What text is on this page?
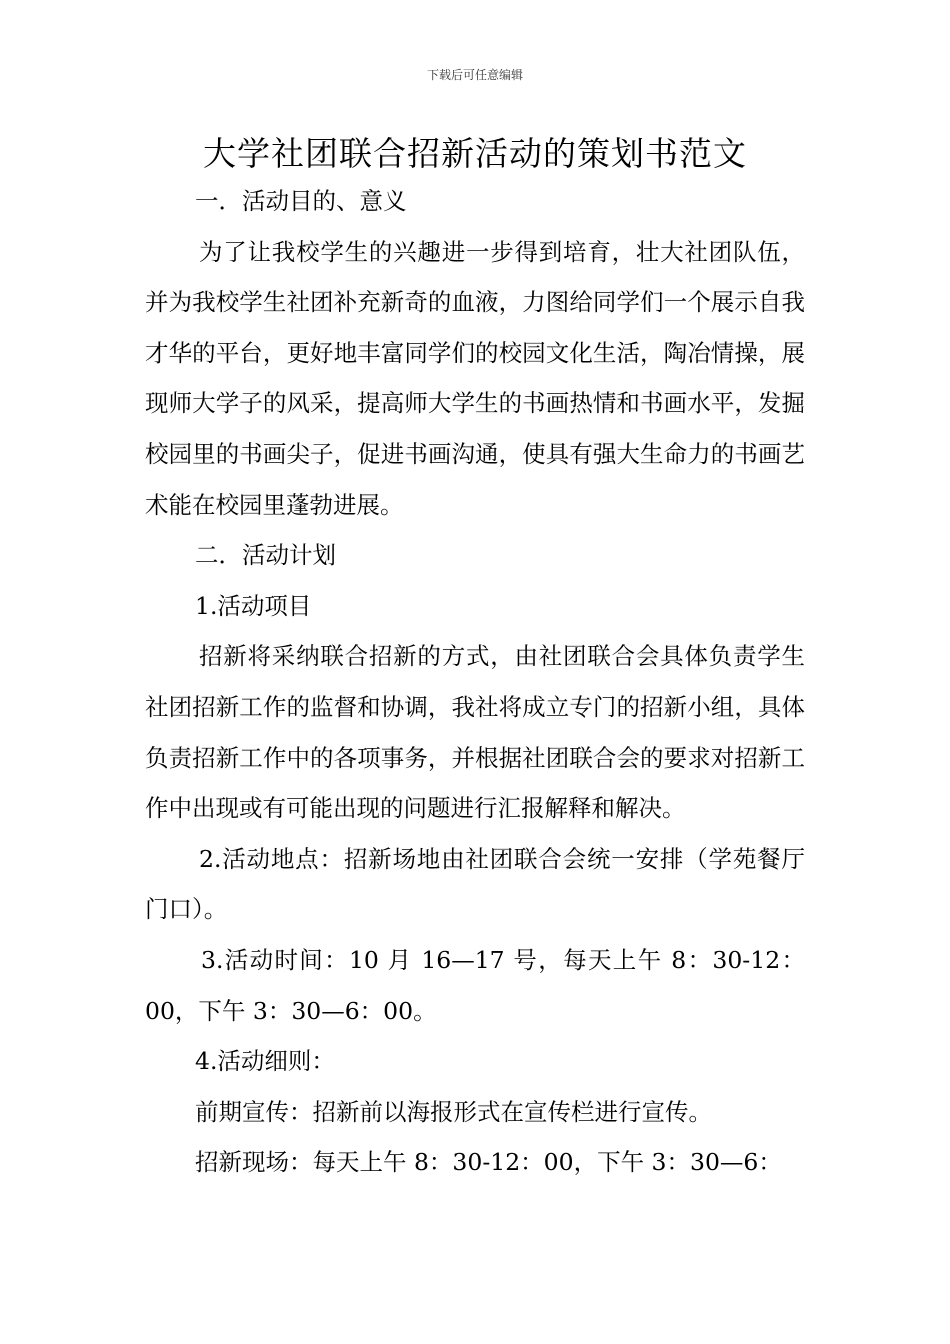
下载后可任意编辑
大学社团联合招新活动的策划书范文

一．活动目的、意义

为了让我校学生的兴趣进一步得到培育，壮大社团队伍，并为我校学生社团补充新奇的血液，力图给同学们一个展示自我才华的平台，更好地丰富同学们的校园文化生活，陶冶情操，展现师大学子的风采，提高师大学生的书画热情和书画水平，发掘校园里的书画尖子，促进书画沟通，使具有强大生命力的书画艺术能在校园里蓬勃进展。

二．活动计划

1.活动项目

招新将采纳联合招新的方式，由社团联合会具体负责学生社团招新工作的监督和协调，我社将成立专门的招新小组，具体负责招新工作中的各项事务，并根据社团联合会的要求对招新工作中出现或有可能出现的问题进行汇报解释和解决。

2.活动地点：招新场地由社团联合会统一安排（学苑餐厅门口）。

3.活动时间：10 月 16—17 号，每天上午 8：30-12：00，下午 3：30—6：00。

4.活动细则：

前期宣传：招新前以海报形式在宣传栏进行宣传。

招新现场：每天上午 8：30-12：00，下午 3：30—6：
